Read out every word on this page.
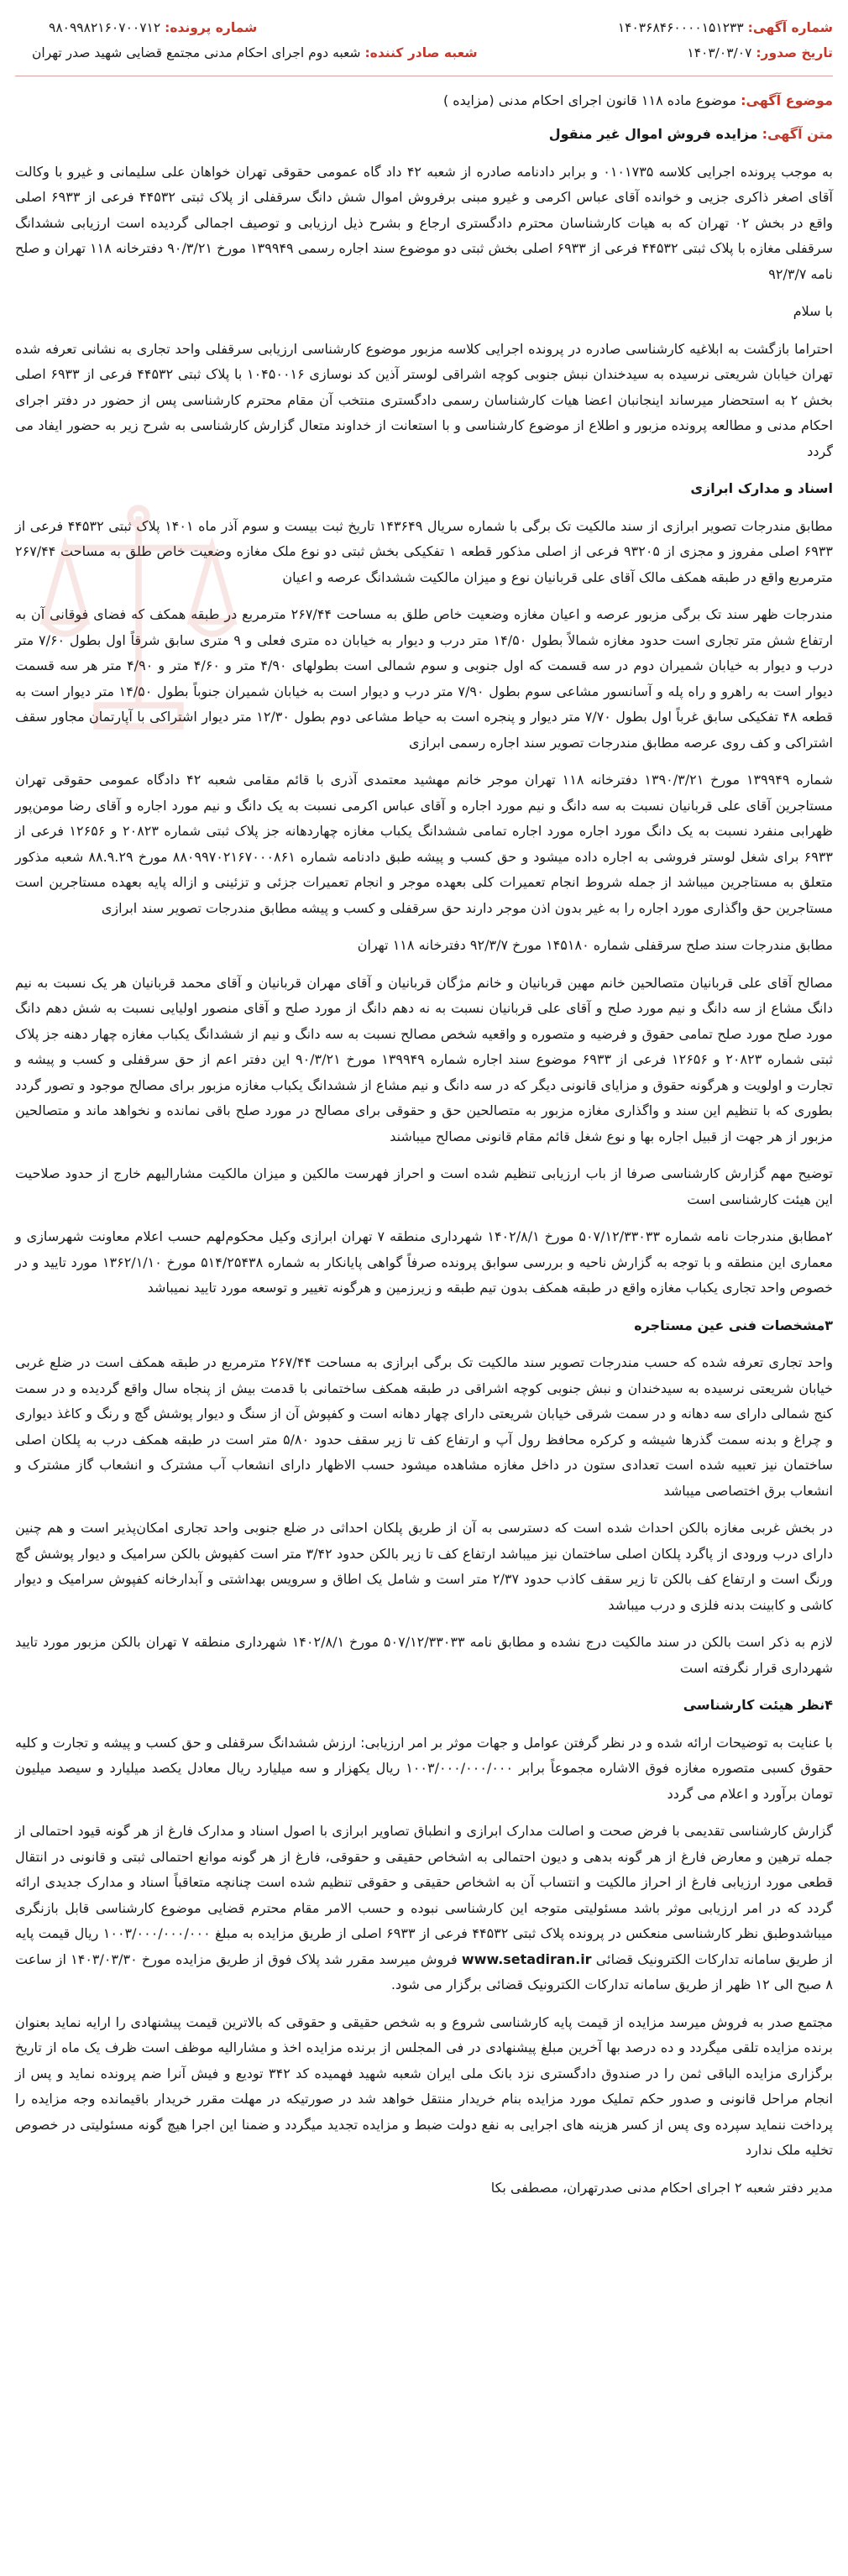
شماره آگهی: ۱۴۰۳۶۸۴۶۰۰۰۰۱۵۱۲۳۳
شماره پرونده: ۹۸۰۹۹۸۲۱۶۰۷۰۰۷۱۲
تاریخ صدور: ۱۴۰۳/۰۳/۰۷
شعبه صادر کننده: شعبه دوم اجرای احکام مدنی مجتمع قضایی شهید صدر تهران
موضوع آگهی: موضوع ماده ۱۱۸ قانون اجرای احکام مدنی (مزایده )

متن آگهی: مزایده فروش اموال غیر منقول

به موجب پرونده اجرایی کلاسه ۰۱۰۱۷۳۵ و برابر دادنامه صادره از شعبه ۴۲ داد گاه عمومی حقوقی تهران خواهان علی سلیمانی و غیرو با وکالت آقای اصغر ذاکری جزیی و خوانده آقای عباس اکرمی و غیرو مبنی برفروش اموال شش دانگ سرقفلی از پلاک ثبتی ۴۴۵۳۲ فرعی از ۶۹۳۳ اصلی واقع در بخش ۰۲ تهران که به هیات کارشناسان محترم دادگستری ارجاع و بشرح ذیل ارزیابی و توصیف اجمالی گردیده است ارزیابی ششدانگ سرقفلی مغازه با پلاک ثبتی ۴۴۵۳۲ فرعی از ۶۹۳۳ اصلی بخش ثبتی دو موضوع سند اجاره رسمی ۱۳۹۹۴۹ مورخ ۹۰/۳/۲۱ دفترخانه ۱۱۸ تهران و صلح نامه ۹۲/۳/۷

با سلام

احتراما بازگشت به ابلاغیه کارشناسی صادره در پرونده اجرایی کلاسه مزبور موضوع کارشناسی ارزیابی سرقفلی واحد تجاری به نشانی تعرفه شده تهران خیابان شریعتی نرسیده به سیدخندان نبش جنوبی کوچه اشراقی لوستر آذین کد نوسازی ۱۰۴۵۰۰۱۶ با پلاک ثبتی ۴۴۵۳۲ فرعی از ۶۹۳۳ اصلی بخش ۲ به استحضار میرساند اینجانبان اعضا هیات کارشناسان رسمی دادگستری منتخب آن مقام محترم کارشناسی پس از حضور در دفتر اجرای احکام مدنی و مطالعه پرونده مزبور و اطلاع از موضوع کارشناسی و با استعانت از خداوند متعال گزارش کارشناسی به شرح زیر به حضور ایفاد می گردد

اسناد و مدارک ابرازی

مطابق مندرجات تصویر ابرازی از سند مالکیت تک برگی با شماره سریال ۱۴۳۶۴۹ تاریخ ثبت بیست و سوم آذر ماه ۱۴۰۱ پلاک ثبتی ۴۴۵۳۲ فرعی از ۶۹۳۳ اصلی مفروز و مجزی از ۹۳۲۰۵ فرعی از اصلی مذکور قطعه ۱ تفکیکی بخش ثبتی دو نوع ملک مغازه وضعیت خاص طلق به مساحت ۲۶۷/۴۴ مترمربع واقع در طبقه همکف مالک آقای علی قربانیان نوع و میزان مالکیت ششدانگ عرصه و اعیان

مندرجات ظهر سند تک برگی مزبور عرصه و اعیان مغازه وضعیت خاص طلق به مساحت ۲۶۷/۴۴ مترمربع در طبقه همکف که فضای فوقانی آن به ارتفاع شش متر تجاری است حدود مغازه شمالاً بطول ۱۴/۵۰ متر درب و دیوار به خیابان ده متری فعلی و ۹ متری سابق شرقاً اول بطول ۷/۶۰ متر درب و دیوار به خیابان شمیران دوم در سه قسمت که اول جنوبی و سوم شمالی است بطولهای ۴/۹۰ متر و ۴/۶۰ متر و ۴/۹۰ متر هر سه قسمت دیوار است به راهرو و راه پله و آسانسور مشاعی سوم بطول ۷/۹۰ متر درب و دیوار است به خیابان شمیران جنوباً بطول ۱۴/۵۰ متر دیوار است به قطعه ۴۸ تفکیکی سابق غرباً اول بطول ۷/۷۰ متر دیوار و پنجره است به حیاط مشاعی دوم بطول ۱۲/۳۰ متر دیوار اشتراکی با آپارتمان مجاور سقف اشتراکی و کف روی عرصه مطابق مندرجات تصویر سند اجاره رسمی ابرازی

شماره ۱۳۹۹۴۹ مورخ ۱۳۹۰/۳/۲۱ دفترخانه ۱۱۸ تهران موجر خانم مهشید معتمدی آذری با قائم مقامی شعبه ۴۲ دادگاه عمومی حقوقی تهران مستاجرین آقای علی قربانیان نسبت به سه دانگ و نیم مورد اجاره و آقای عباس اکرمی نسبت به یک دانگ و نیم مورد اجاره و آقای رضا مومن‌پور ظهرابی منفرد نسبت به یک دانگ مورد اجاره مورد اجاره تمامی ششدانگ یکباب مغازه چهاردهانه جز پلاک ثبتی شماره ۲۰۸۲۳ و ۱۲۶۵۶ فرعی از ۶۹۳۳ برای شغل لوستر فروشی به اجاره داده میشود و حق کسب و پیشه طبق دادنامه شماره ۸۸۰۹۹۷۰۲۱۶۷۰۰۰۸۶۱ مورخ ۸۸.۹.۲۹ شعبه مذکور متعلق به مستاجرین میباشد از جمله شروط انجام تعمیرات کلی بعهده موجر و انجام تعمیرات جزئی و تزئینی و ازاله پایه بعهده مستاجرین است مستاجرین حق واگذاری مورد اجاره را به غیر بدون اذن موجر دارند حق سرقفلی و کسب و پیشه مطابق مندرجات تصویر سند ابرازی

مطابق مندرجات سند صلح سرقفلی شماره ۱۴۵۱۸۰ مورخ ۹۲/۳/۷ دفترخانه ۱۱۸ تهران

مصالح آقای علی قربانیان متصالحین خانم مهین قربانیان و خانم مژگان قربانیان و آقای مهران قربانیان و آقای محمد قربانیان هر یک نسبت به نیم دانگ مشاع از سه دانگ و نیم مورد صلح و آقای علی قربانیان نسبت به نه دهم دانگ از مورد صلح و آقای منصور اولیایی نسبت به شش دهم دانگ مورد صلح مورد صلح تمامی حقوق و فرضیه و متصوره و واقعیه شخص مصالح نسبت به سه دانگ و نیم از ششدانگ یکباب مغازه چهار دهنه جز پلاک ثبتی شماره ۲۰۸۲۳ و ۱۲۶۵۶ فرعی از ۶۹۳۳ موضوع سند اجاره شماره ۱۳۹۹۴۹ مورخ ۹۰/۳/۲۱ این دفتر اعم از حق سرقفلی و کسب و پیشه و تجارت و اولویت و هرگونه حقوق و مزایای قانونی دیگر که در سه دانگ و نیم مشاع از ششدانگ یکباب مغازه مزبور برای مصالح موجود و تصور گردد بطوری که با تنظیم این سند و واگذاری مغازه مزبور به متصالحین حق و حقوقی برای مصالح در مورد صلح باقی نمانده و نخواهد ماند و متصالحین مزبور از هر جهت از قبیل اجاره بها و نوع شغل قائم مقام قانونی مصالح میباشند

توضیح مهم گزارش کارشناسی صرفا از باب ارزیابی تنظیم شده است و احراز فهرست مالکین و میزان مالکیت مشارالیهم خارج از حدود صلاحیت این هیئت کارشناسی است

۲مطابق مندرجات نامه شماره ۵۰۷/۱۲/۳۳۰۳۳ مورخ ۱۴۰۲/۸/۱ شهرداری منطقه ۷ تهران ابرازی وکیل محکوم‌لهم حسب اعلام معاونت شهرسازی و معماری این منطقه و با توجه به گزارش ناحیه و بررسی سوابق پرونده صرفاً گواهی پایانکار به شماره ۵۱۴/۲۵۴۳۸ مورخ ۱۳۶۲/۱/۱۰ مورد تایید و در خصوص واحد تجاری یکباب مغازه واقع در طبقه همکف بدون تیم طبقه و زیرزمین و هرگونه تغییر و توسعه مورد تایید نمیباشد

۳مشخصات فنی عین مستاجره

واحد تجاری تعرفه شده که حسب مندرجات تصویر سند مالکیت تک برگی ابرازی به مساحت ۲۶۷/۴۴ مترمربع در طبقه همکف است در ضلع غربی خیابان شریعتی نرسیده به سیدخندان و نبش جنوبی کوچه اشراقی در طبقه همکف ساختمانی با قدمت بیش از پنجاه سال واقع گردیده و در سمت کنج شمالی دارای سه دهانه و در سمت شرقی خیابان شریعتی دارای چهار دهانه است و کفپوش آن از سنگ و دیوار پوشش گچ و رنگ و کاغذ دیواری و چراغ و بدنه سمت گذرها شیشه و کرکره محافظ رول آپ و ارتفاع کف تا زیر سقف حدود ۵/۸۰ متر است در طبقه همکف درب به پلکان اصلی ساختمان نیز تعبیه شده است تعدادی ستون در داخل مغازه مشاهده میشود حسب الاظهار دارای انشعاب آب مشترک و انشعاب گاز مشترک و انشعاب برق اختصاصی میباشد

در بخش غربی مغازه بالکن احداث شده است که دسترسی به آن از طریق پلکان احداثی در ضلع جنوبی واحد تجاری امکان‌پذیر است و هم چنین دارای درب ورودی از پاگرد پلکان اصلی ساختمان نیز میباشد ارتفاع کف تا زیر بالکن حدود ۳/۴۲ متر است کفپوش بالکن سرامیک و دیوار پوشش گچ ورنگ است و ارتفاع کف بالکن تا زیر سقف کاذب حدود ۲/۳۷ متر است و شامل یک اطاق و سرویس بهداشتی و آبدارخانه کفپوش سرامیک و دیوار کاشی و کابینت بدنه فلزی و درب میباشد

لازم به ذکر است بالکن در سند مالکیت درج نشده و مطابق نامه ۵۰۷/۱۲/۳۳۰۳۳ مورخ ۱۴۰۲/۸/۱ شهرداری منطقه ۷ تهران بالکن مزبور مورد تایید شهرداری قرار نگرفته است

۴نظر هیئت کارشناسی

با عنایت به توضیحات ارائه شده و در نظر گرفتن عوامل و جهات موثر بر امر ارزیابی: ارزش ششدانگ سرقفلی و حق کسب و پیشه و تجارت و کلیه حقوق کسبی متصوره مغازه فوق الاشاره مجموعاً برابر ۱۰۰۳/۰۰۰/۰۰۰/۰۰۰ ریال یکهزار و سه میلیارد ریال معادل یکصد میلیارد و سیصد میلیون تومان برآورد و اعلام می گردد

گزارش کارشناسی تقدیمی با فرض صحت و اصالت مدارک ابرازی و انطباق تصاویر ابرازی با اصول اسناد و مدارک فارغ از هر گونه قیود احتمالی از جمله ترهین و معارض فارغ از هر گونه بدهی و دیون احتمالی به اشخاص حقیقی و حقوقی، فارغ از هر گونه موانع احتمالی ثبتی و قانونی در انتقال قطعی مورد ارزیابی فارغ از احراز مالکیت و انتساب آن به اشخاص حقیقی و حقوقی تنظیم شده است چنانچه متعاقباً اسناد و مدارک جدیدی ارائه گردد که در امر ارزیابی موثر باشد مسئولیتی متوجه این کارشناسی نبوده و حسب الامر مقام محترم قضایی موضوع کارشناسی قابل بازنگری میباشدوطبق نظر کارشناسی منعکس در پرونده پلاک ثبتی ۴۴۵۳۲ فرعی از ۶۹۳۳ اصلی از طریق مزایده به مبلغ ۱۰۰۳/۰۰۰/۰۰۰/۰۰۰ ریال قیمت پایه از طریق سامانه تدارکات الکترونیک قضائی www.setadiran.ir فروش میرسد مقرر شد پلاک فوق از طریق مزایده مورخ ۱۴۰۳/۰۳/۳۰ از ساعت ۸ صبح الی ۱۲ ظهر از طریق سامانه تدارکات الکترونیک قضائی برگزار می شود.

مجتمع صدر به فروش میرسد مزایده از قیمت پایه کارشناسی شروع و به شخص حقیقی و حقوقی که بالاترین قیمت پیشنهادی را ارایه نماید بعنوان برنده مزایده تلقی میگردد و ده درصد بها آخرین مبلغ پیشنهادی در فی المجلس از برنده مزایده اخذ و مشارالیه موظف است ظرف یک ماه از تاریخ برگزاری مزایده الباقی ثمن را در صندوق دادگستری نزد بانک ملی ایران شعبه شهید فهمیده کد ۳۴۲ تودیع و فیش آنرا ضم پرونده نماید و پس از انجام مراحل قانونی و صدور حکم تملیک مورد مزایده بنام خریدار منتقل خواهد شد در صورتیکه در مهلت مقرر خریدار باقیمانده وجه مزایده را پرداخت ننماید سپرده وی پس از کسر هزینه های اجرایی به نفع دولت ضبط و مزایده تجدید میگردد و ضمنا این اجرا هیچ گونه مسئولیتی در خصوص تخلیه ملک ندارد

مدیر دفتر شعبه ۲ اجرای احکام مدنی صدرتهران، مصطفی بکا
